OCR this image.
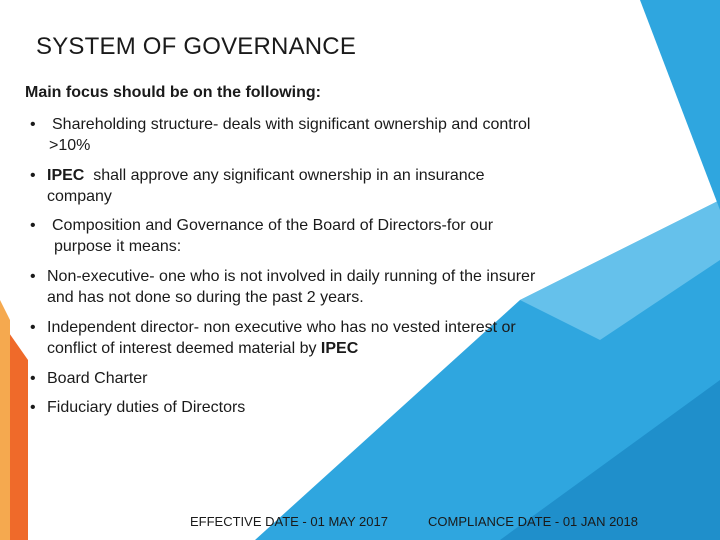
SYSTEM OF GOVERNANCE
Main focus should be on the following:
• Shareholding structure- deals with significant ownership and control
>10%
• IPEC  shall approve any significant ownership in an insurance
company
• Composition and Governance of the Board of Directors-for our
purpose it means:
• Non-executive- one who is not involved in daily running of the insurer
and has not done so during the past 2 years.
• Independent director- non executive who has no vested interest or
conflict of interest deemed material by IPEC
• Board Charter
• Fiduciary duties of Directors
EFFECTIVE DATE - 01 MAY 2017	COMPLIANCE DATE - 01 JAN 2018
